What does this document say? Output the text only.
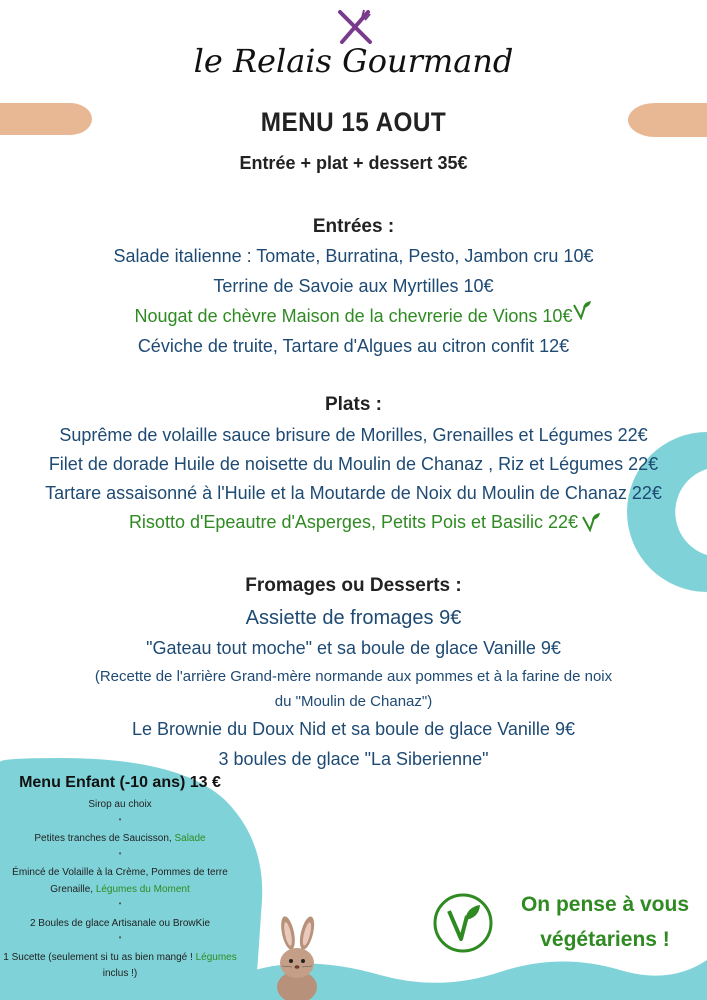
le Relais Gourmand
MENU 15 AOUT
Entrée + plat + dessert 35€
Entrées :
Salade italienne : Tomate, Burratina, Pesto, Jambon cru 10€
Terrine de Savoie aux Myrtilles 10€
Nougat de chèvre Maison de la chevrerie de Vions 10€
Céviche de truite, Tartare d'Algues au citron confit 12€
Plats :
Suprême de volaille sauce brisure de Morilles, Grenailles et Légumes 22€
Filet de dorade Huile de noisette du Moulin de Chanaz , Riz et Légumes 22€
Tartare assaisonné à l'Huile et la Moutarde de Noix du Moulin de Chanaz 22€
Risotto d'Epeautre d'Asperges, Petits Pois et Basilic 22€
Fromages ou Desserts :
Assiette de fromages 9€
"Gateau tout moche" et sa boule de glace Vanille 9€
(Recette de l'arrière Grand-mère normande aux pommes et à la farine de noix
du "Moulin de Chanaz")
Le Brownie du Doux Nid et sa boule de glace Vanille 9€
3 boules de glace "La Siberienne"
Menu Enfant (-10 ans) 13 €
Sirop au choix
•
Petites tranches de Saucisson, Salade
•
Émincé de Volaille à la Crème, Pommes de terre
Grenaille, Légumes du Moment
•
2 Boules de glace Artisanale ou BrowKie
•
1 Sucette (seulement si tu as bien mangé ! Légumes
inclus !)
On pense à vous
végétariens !
